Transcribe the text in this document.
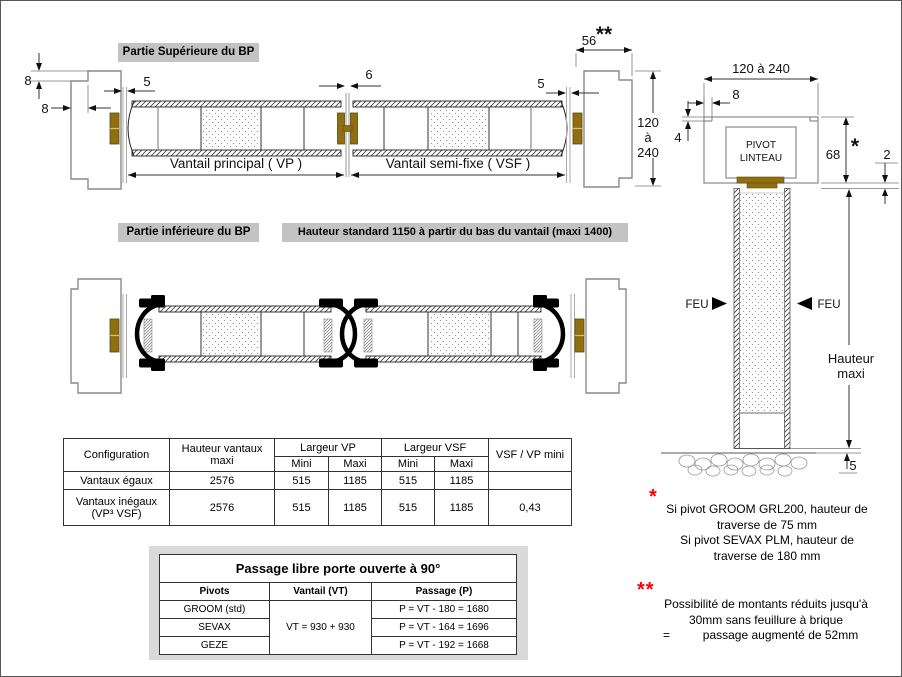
8
8
5	6
5
56 **
120
à
240
Vantail principal ( VP )	Vantail semi-fixe ( VSF )
120 à 240
PIVOT
LINTEAU
8
4
68 * 2
FEU	FEU
Hauteur
maxi
5
Partie Supérieure du BP
Partie inférieure du BP	Hauteur standard 1150 à partir du bas du vantail (maxi 1400)
Configuration	Hauteur vantaux maxi	Largeur VP		Largeur VSF		VSF / VP mini
		Mini	Maxi	Mini	Maxi	
Vantaux égaux	2576	515	1185	515	1185	

Vantaux inégaux
(VP³ VSF)	2576	515	1185	515	1185	0,43
Passage libre porte ouverte à 90°		
Pivots	Vantail (VT)	Passage (P)
GROOM (std)	VT = 930 + 930	P = VT - 180 = 1680
SEVAX		P = VT - 164 = 1696
GEZE		P = VT - 192 = 1668
*
Si pivot GROOM GRL200, hauteur de
traverse de 75 mm
Si pivot SEVAX PLM, hauteur de
traverse de 180 mm
**
Possibilité de montants réduits jusqu'à
30mm sans feuillure à brique
=	passage augmenté de 52mm
